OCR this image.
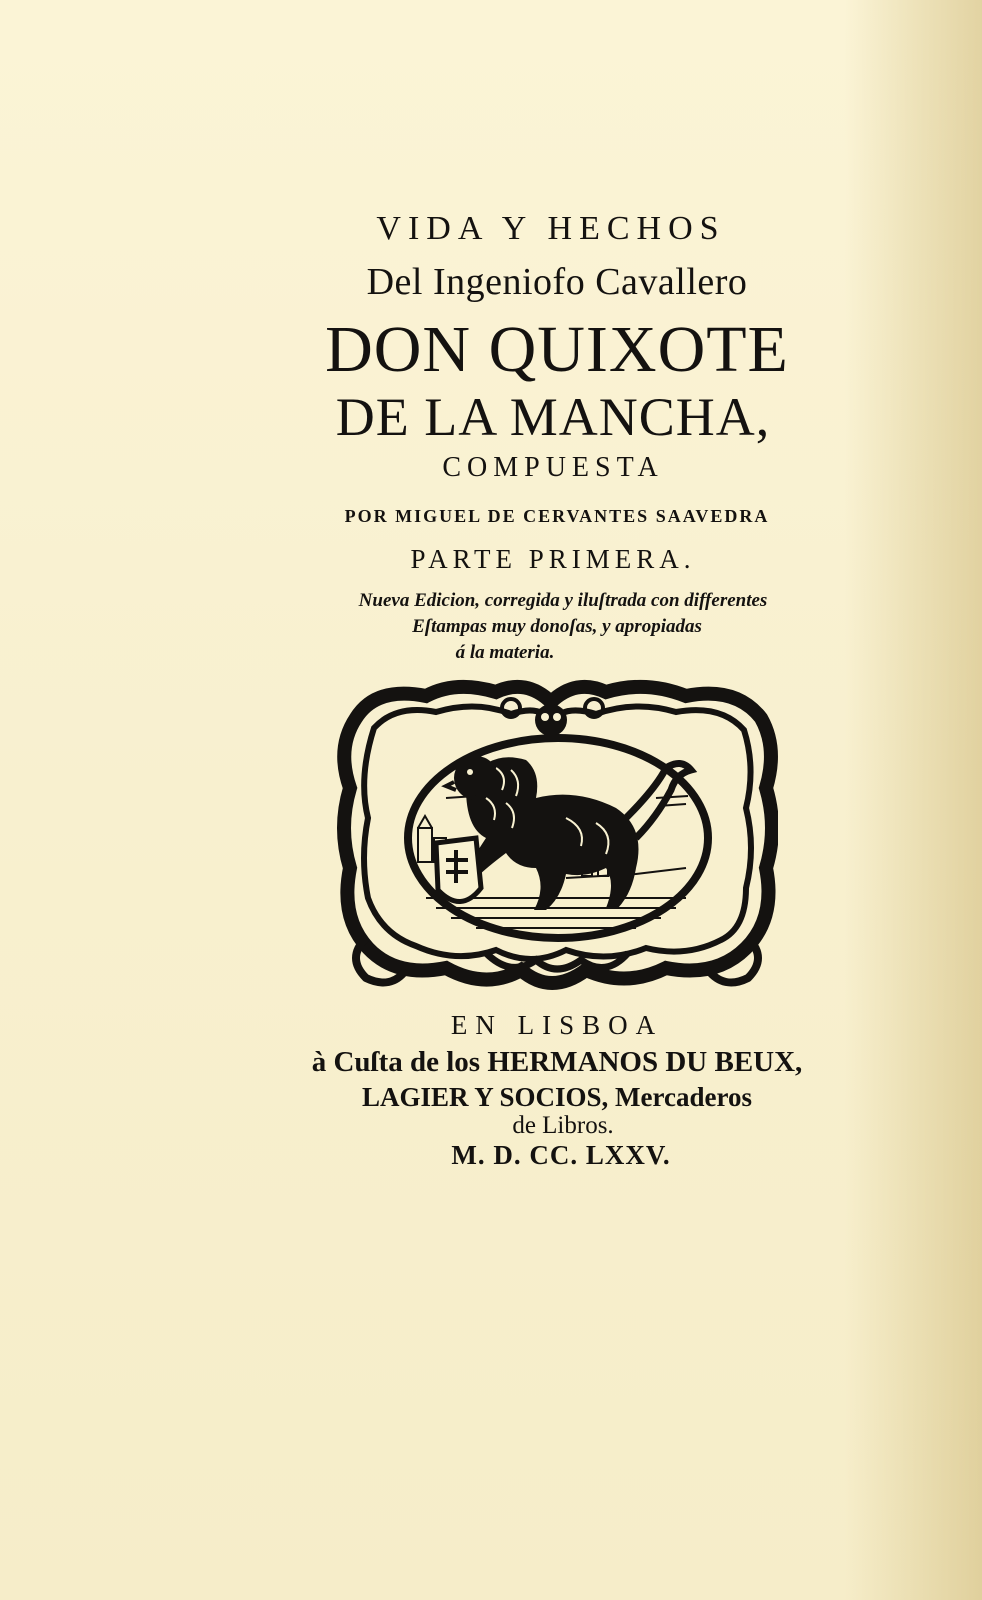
VIDA Y HECHOS
Del Ingeniofo Cavallero
DON QUIXOTE
DE LA MANCHA,
COMPUESTA
POR MIGUEL DE CERVANTES SAAVEDRA
PARTE PRIMERA.
Nueva Edicion, corregida y iluſtrada con differentes
Eſtampas muy donoſas, y apropiadas
á la materia.
EN LISBOA
à Cuſta de los HERMANOS DU BEUX,
LAGIER Y SOCIOS, Mercaderos
de Libros.
M. D. CC. LXXV.
